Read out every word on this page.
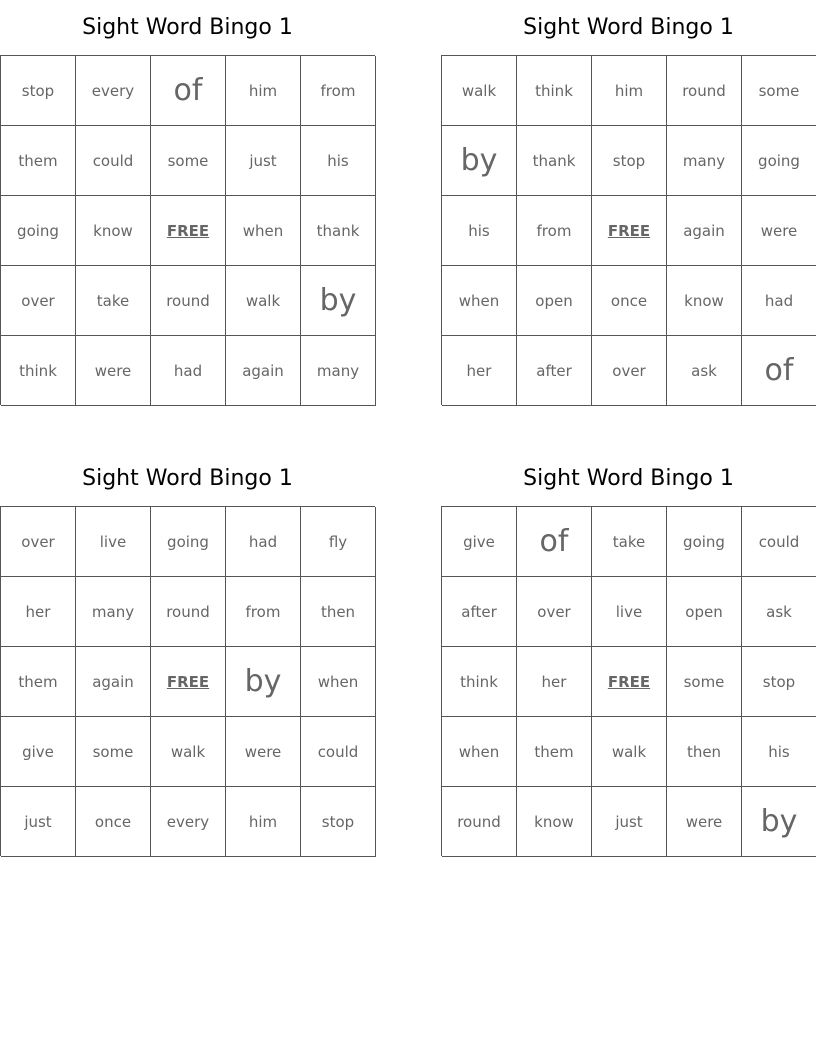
Sight Word Bingo 1
stop	every	of	him	from
them	could	some	just	his
going	know	FREE	when	thank
over	take	round	walk	by
think	were	had	again	many
Sight Word Bingo 1
walk	think	him	round	some
by	thank	stop	many	going
his	from	FREE	again	were
when	open	once	know	had
her	after	over	ask	of
Sight Word Bingo 1
over	live	going	had	fly
her	many	round	from	then
them	again	FREE	by	when
give	some	walk	were	could
just	once	every	him	stop
Sight Word Bingo 1
give	of	take	going	could
after	over	live	open	ask
think	her	FREE	some	stop
when	them	walk	then	his
round	know	just	were	by
